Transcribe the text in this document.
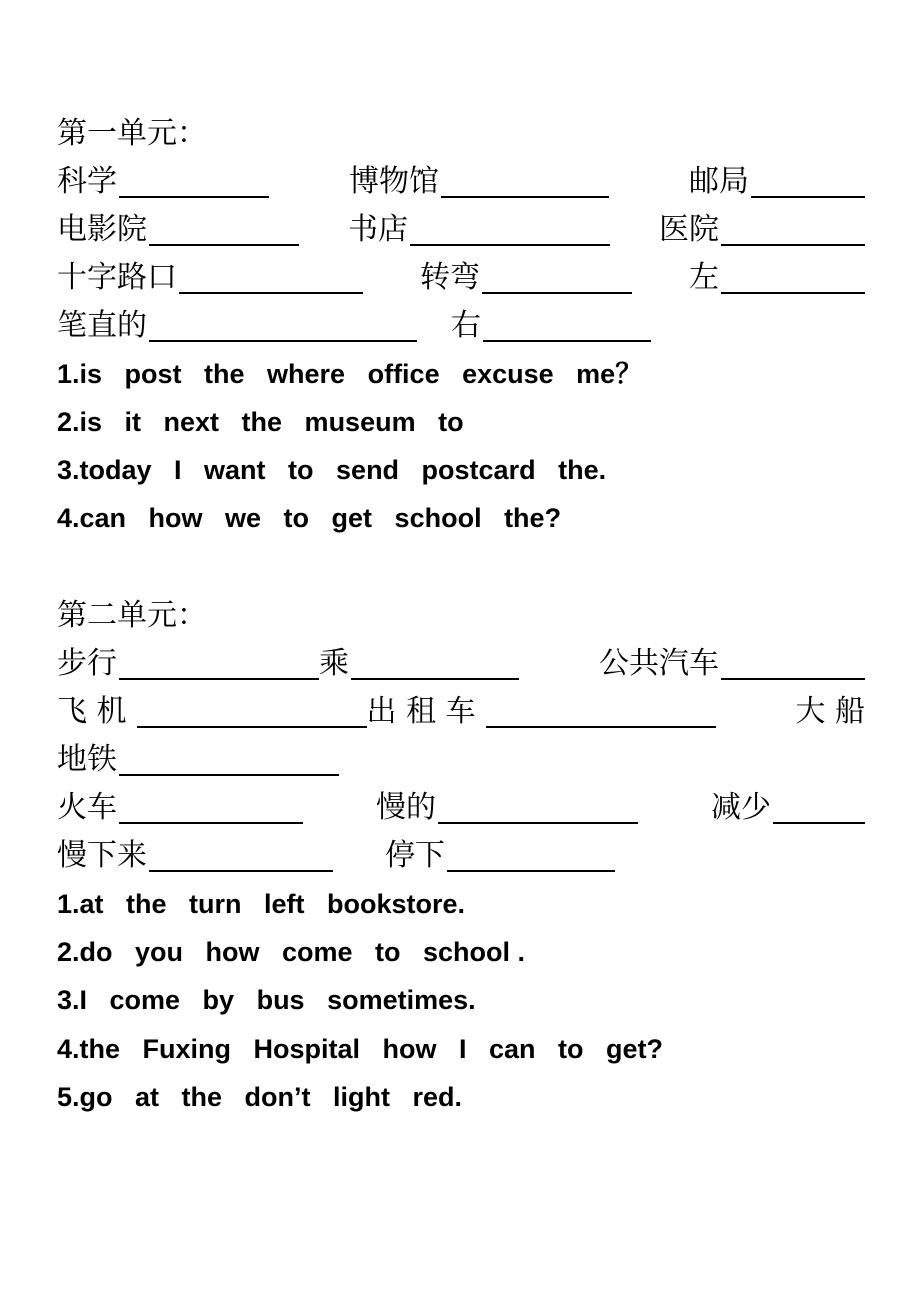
第一单元：
科学	博物馆	邮局
电影院	书店	医院
十字路口	转弯	左
笔直的	右
1.is   post   the   where   office   excuse   me？
2.is   it   next   the   museum   to
3.today   I   want   to   send   postcard   the.
4.can   how   we   to   get   school   the?
第二单元：
步行	乘	公共汽车
飞 机	出 租 车	大 船
地铁
火车	慢的	减少
慢下来	停下
1.at   the   turn   left   bookstore.
2.do   you   how   come   to   school .
3.I   come   by   bus   sometimes.
4.the   Fuxing   Hospital   how   I   can   to   get?
5.go   at   the   don’t   light   red.
